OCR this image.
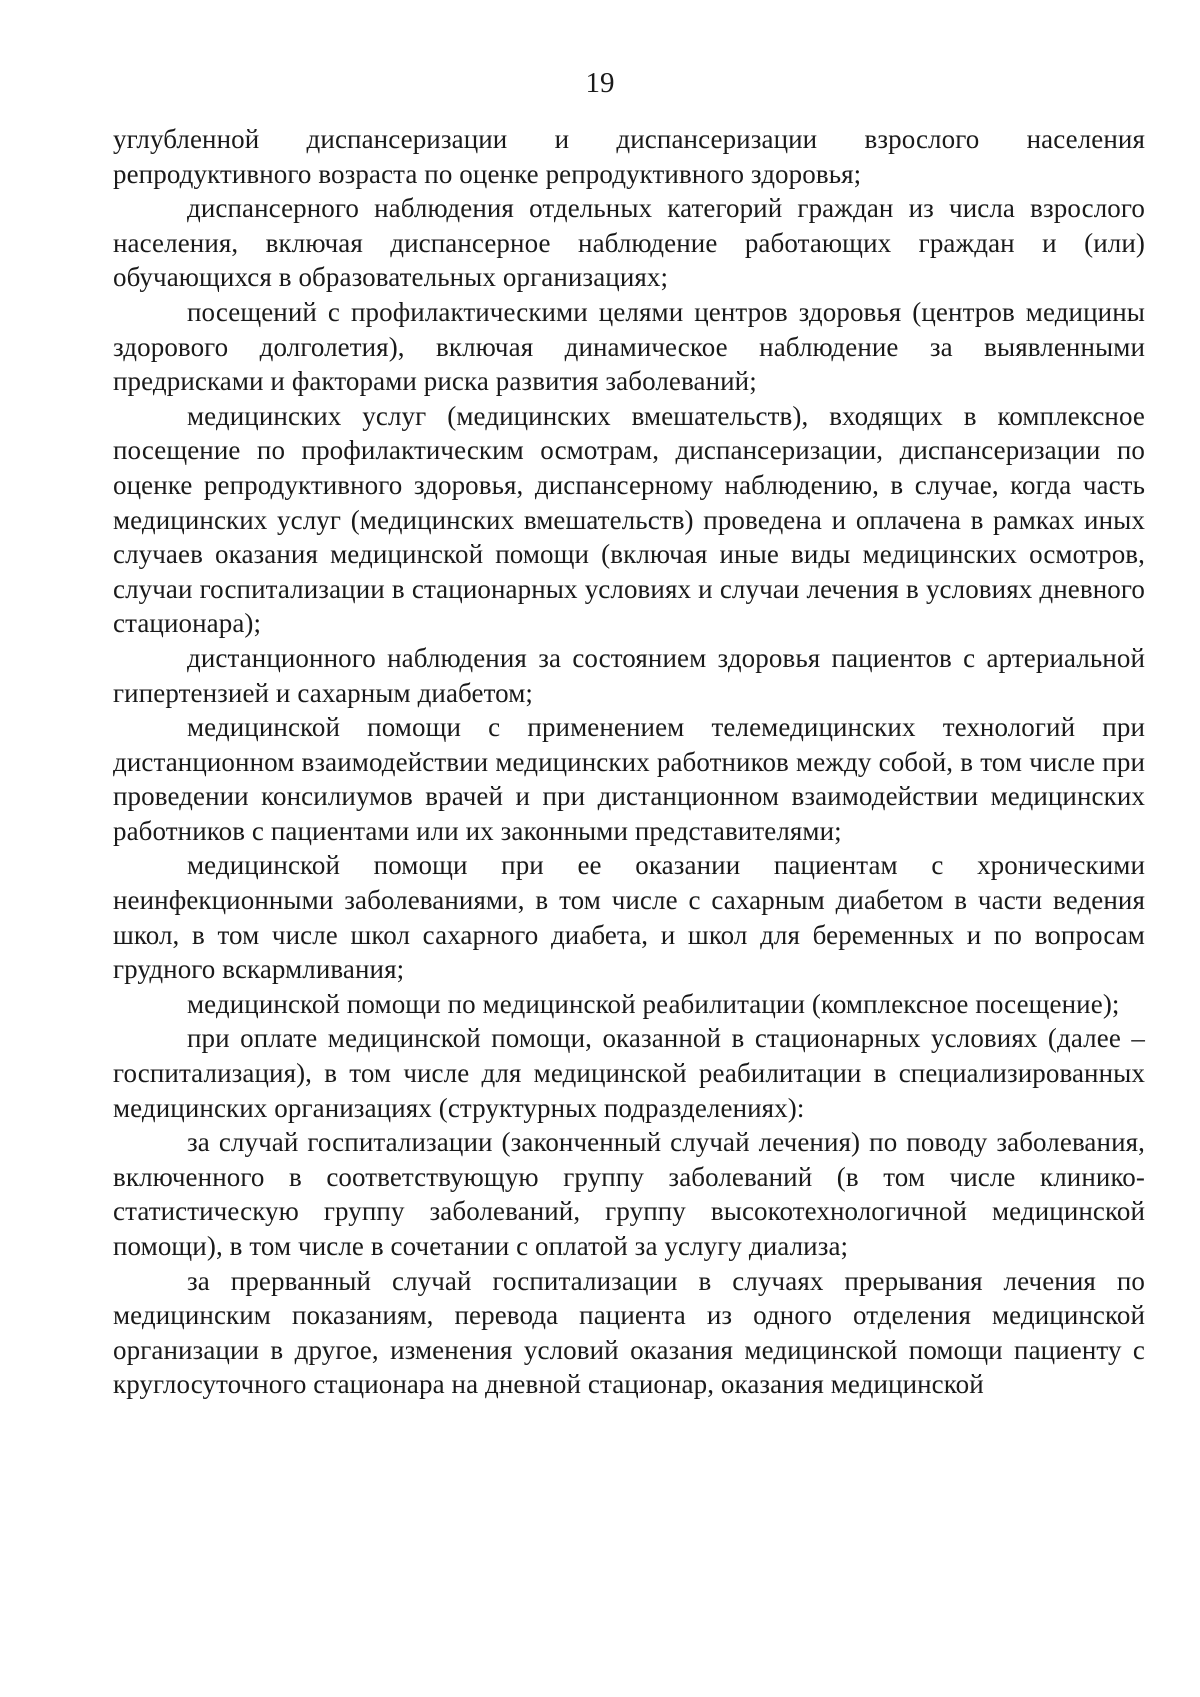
19

углубленной диспансеризации и диспансеризации взрослого населения репродуктивного возраста по оценке репродуктивного здоровья;

диспансерного наблюдения отдельных категорий граждан из числа взрослого населения, включая диспансерное наблюдение работающих граждан и (или) обучающихся в образовательных организациях;

посещений с профилактическими целями центров здоровья (центров медицины здорового долголетия), включая динамическое наблюдение за выявленными предрисками и факторами риска развития заболеваний;

медицинских услуг (медицинских вмешательств), входящих в комплексное посещение по профилактическим осмотрам, диспансеризации, диспансеризации по оценке репродуктивного здоровья, диспансерному наблюдению, в случае, когда часть медицинских услуг (медицинских вмешательств) проведена и оплачена в рамках иных случаев оказания медицинской помощи (включая иные виды медицинских осмотров, случаи госпитализации в стационарных условиях и случаи лечения в условиях дневного стационара);

дистанционного наблюдения за состоянием здоровья пациентов с артериальной гипертензией и сахарным диабетом;

медицинской помощи с применением телемедицинских технологий при дистанционном взаимодействии медицинских работников между собой, в том числе при проведении консилиумов врачей и при дистанционном взаимодействии медицинских работников с пациентами или их законными представителями;

медицинской помощи при ее оказании пациентам с хроническими неинфекционными заболеваниями, в том числе с сахарным диабетом в части ведения школ, в том числе школ сахарного диабета, и школ для беременных и по вопросам грудного вскармливания;

медицинской помощи по медицинской реабилитации (комплексное посещение);

при оплате медицинской помощи, оказанной в стационарных условиях (далее – госпитализация), в том числе для медицинской реабилитации в специализированных медицинских организациях (структурных подразделениях):

за случай госпитализации (законченный случай лечения) по поводу заболевания, включенного в соответствующую группу заболеваний (в том числе клинико-статистическую группу заболеваний, группу высокотехнологичной медицинской помощи), в том числе в сочетании с оплатой за услугу диализа;

за прерванный случай госпитализации в случаях прерывания лечения по медицинским показаниям, перевода пациента из одного отделения медицинской организации в другое, изменения условий оказания медицинской помощи пациенту с круглосуточного стационара на дневной стационар, оказания медицинской
